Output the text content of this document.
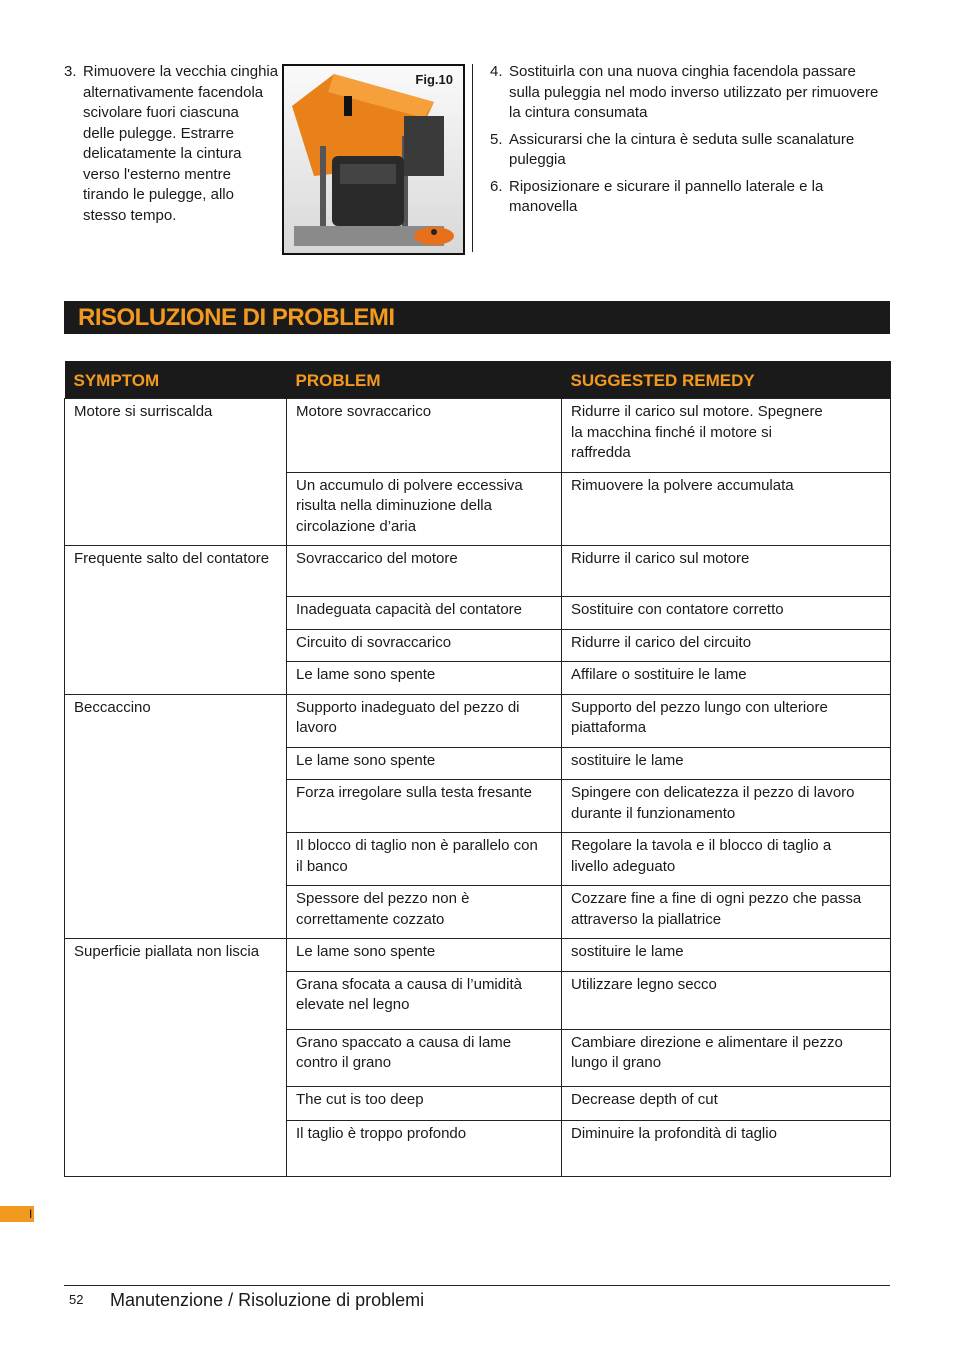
3. Rimuovere la vecchia cinghia
alternativamente facendola
scivolare fuori ciascuna
delle pulegge. Estrarre
delicatamente la cintura
verso l'esterno mentre
tirando le pulegge, allo
stesso tempo.
Fig.10 4. Sostituirla con una nuova cinghia facendola passare
sulla puleggia nel modo inverso utilizzato per rimuovere
la cintura consumata
5. Assicurarsi che la cintura è seduta sulle scanalature
puleggia
6. Riposizionare e sicurare il pannello laterale e la
manovella
RISOLUZIONE DI PROBLEMI
SYMPTOM	PROBLEM	SUGGESTED REMEDY
Motore si surriscalda	Motore sovraccarico	Ridurre il carico sul motore. Spegnere
la macchina finché il motore si
raffredda
	Un accumulo di polvere eccessiva
risulta nella diminuzione della
circolazione d’aria	Rimuovere la polvere accumulata
Frequente salto del contatore	Sovraccarico del motore	Ridurre il carico sul motore
	Inadeguata capacità del contatore	Sostituire con contatore corretto
	Circuito di sovraccarico	Ridurre il carico del circuito
	Le lame sono spente	Affilare o sostituire le lame
Beccaccino	Supporto inadeguato del pezzo di
lavoro	Supporto del pezzo lungo con ulteriore
piattaforma
	Le lame sono spente	sostituire le lame
	Forza irregolare sulla testa fresante	Spingere con delicatezza il pezzo di lavoro
durante il funzionamento
	Il blocco di taglio non è parallelo con
il banco	Regolare la tavola e il blocco di taglio a
livello adeguato
	Spessore del pezzo non è
correttamente cozzato	Cozzare fine a fine di ogni pezzo che passa
attraverso la piallatrice
Superficie piallata non liscia	Le lame sono spente	sostituire le lame
	Grana sfocata a causa di l’umidità
elevate nel legno	Utilizzare legno secco
	Grano spaccato a causa di lame
contro il grano	Cambiare direzione e alimentare il pezzo
lungo il grano
	The cut is too deep	Decrease depth of cut
	Il taglio è troppo profondo	Diminuire la profondità di taglio
I
52 Manutenzione / Risoluzione di problemi
